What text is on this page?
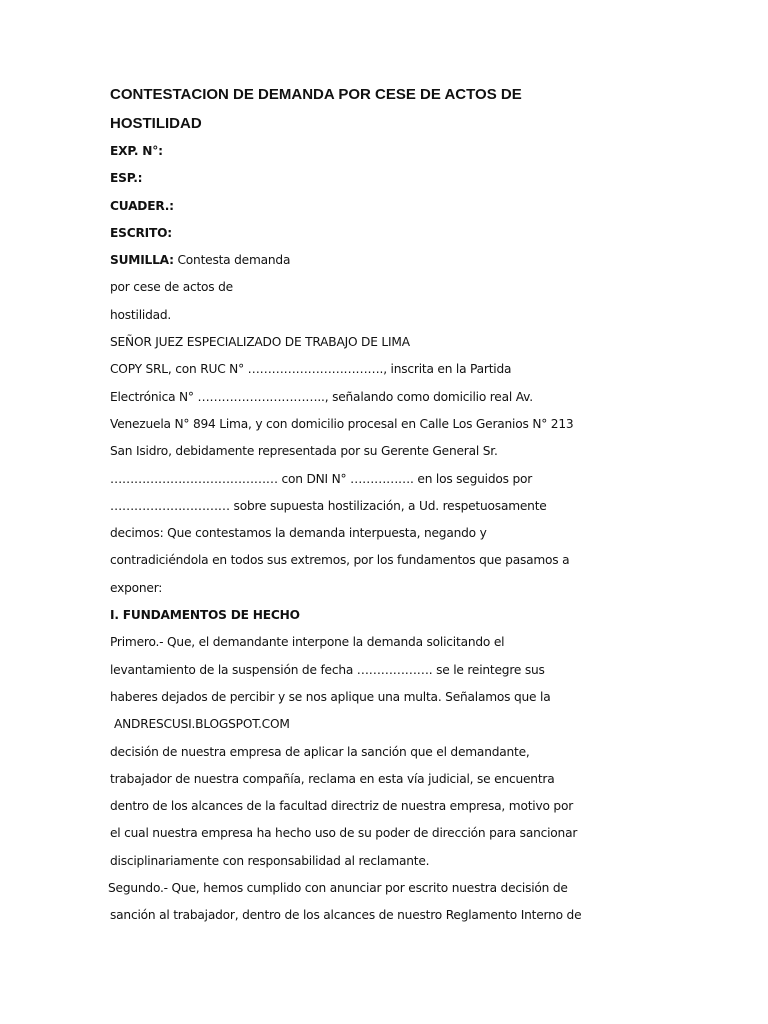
CONTESTACION DE DEMANDA POR CESE DE ACTOS DE HOSTILIDAD
EXP. N°:
ESP.:
CUADER.:
ESCRITO:
SUMILLA: Contesta demanda
por cese de actos de
hostilidad.
SEÑOR JUEZ ESPECIALIZADO DE TRABAJO DE LIMA
COPY SRL, con RUC N° ……………………………., inscrita en la Partida
Electrónica N° ………………………….., señalando como domicilio real Av.
Venezuela N° 894 Lima, y con domicilio procesal en Calle Los Geranios N° 213
San Isidro, debidamente representada por su Gerente General Sr.
…………………………………… con DNI N° ……………. en los seguidos por
………………………… sobre supuesta hostilización, a Ud. respetuosamente
decimos: Que contestamos la demanda interpuesta, negando y
contradiciéndola en todos sus extremos, por los fundamentos que pasamos a
exponer:
I. FUNDAMENTOS DE HECHO
Primero.- Que, el demandante interpone la demanda solicitando el
levantamiento de la suspensión de fecha ………………. se le reintegre sus
haberes dejados de percibir y se nos aplique una multa. Señalamos que la
ANDRESCUSI.BLOGSPOT.COM
decisión de nuestra empresa de aplicar la sanción que el demandante,
trabajador de nuestra compañía, reclama en esta vía judicial, se encuentra
dentro de los alcances de la facultad directriz de nuestra empresa, motivo por
el cual nuestra empresa ha hecho uso de su poder de dirección para sancionar
disciplinariamente con responsabilidad al reclamante.
Segundo.- Que, hemos cumplido con anunciar por escrito nuestra decisión de
sanción al trabajador, dentro de los alcances de nuestro Reglamento Interno de
